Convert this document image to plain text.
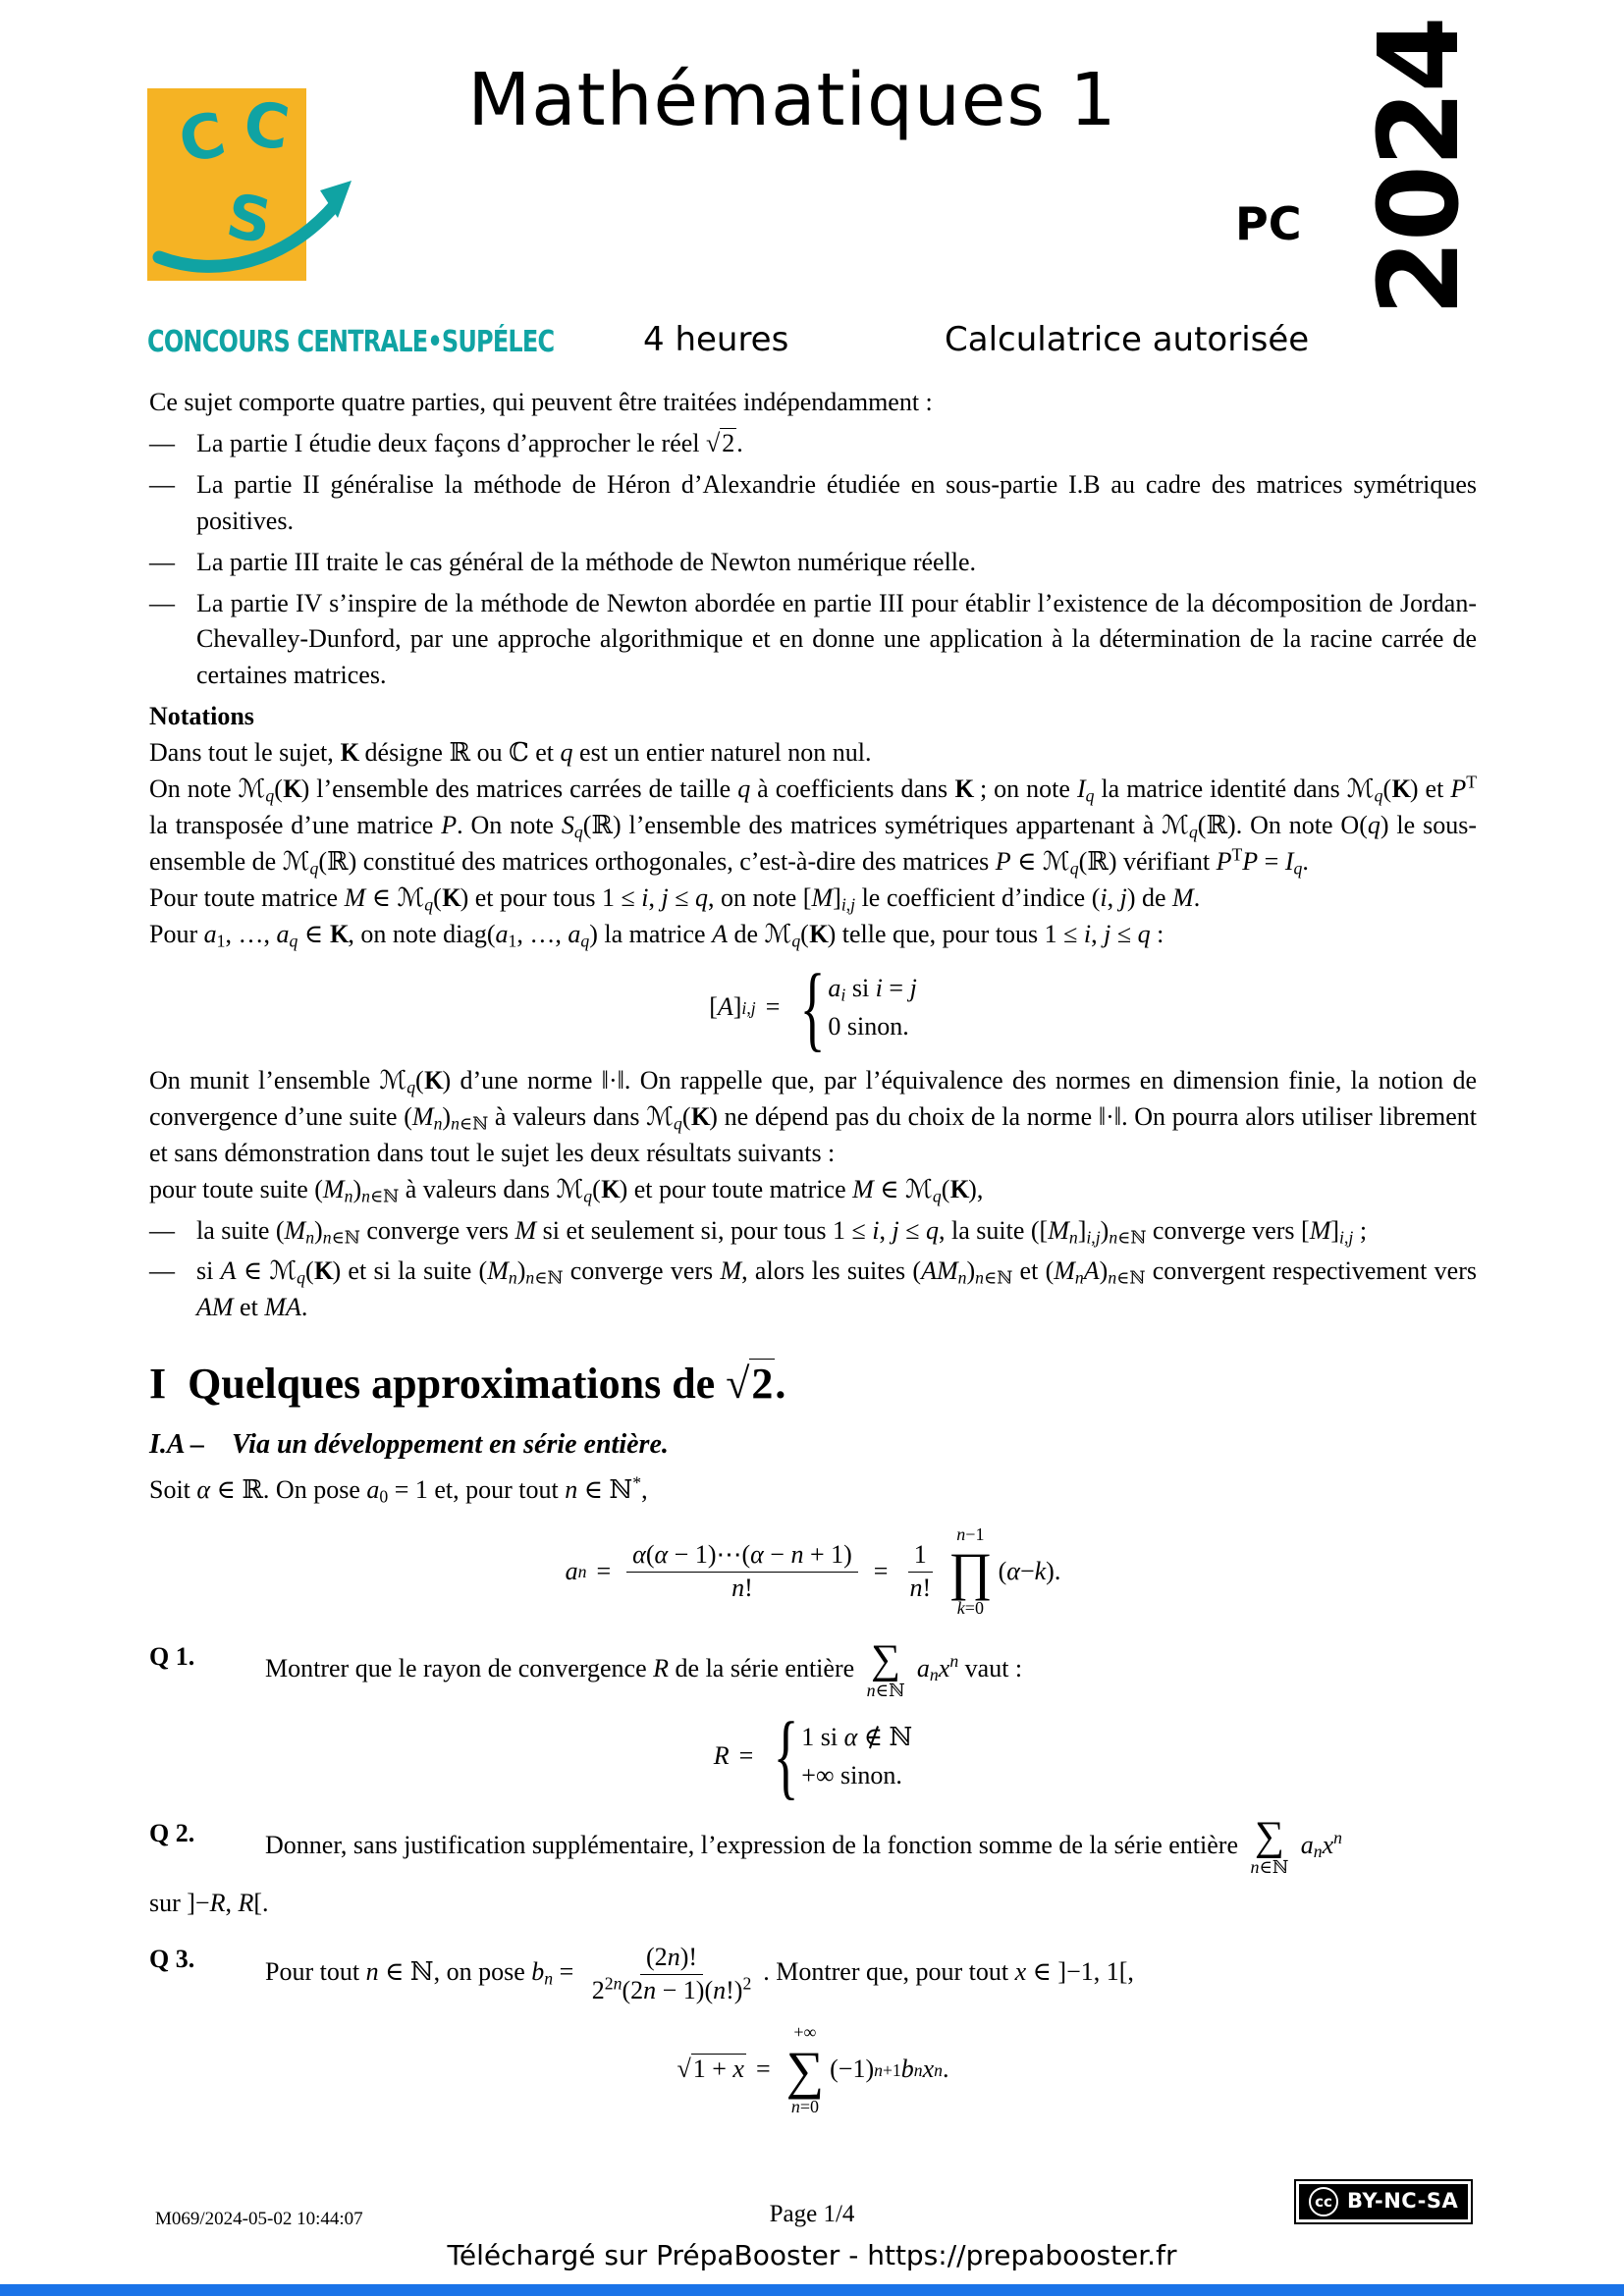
C C
S
CONCOURS CENTRALE•SUPÉLEC
Mathématiques 1
PC 2024
4 heures	Calculatrice autorisée

Ce sujet comporte quatre parties, qui peuvent être traitées indépendamment :

— La partie I étudie deux façons d’approcher le réel √2.
— La partie II généralise la méthode de Héron d’Alexandrie étudiée en sous-partie I.B au cadre des matrices symétriques positives.
— La partie III traite le cas général de la méthode de Newton numérique réelle.
— La partie IV s’inspire de la méthode de Newton abordée en partie III pour établir l’existence de la décomposition de Jordan-Chevalley-Dunford, par une approche algorithmique et en donne une application à la détermination de la racine carrée de certaines matrices.

Notations

Dans tout le sujet, K K désigne ℝ ou ℂ et q est un entier naturel non nul.

On note ℳ$_q$(K K) l’ensemble des matrices carrées de taille q à coefficients dans K K ; on note $I_q$ la matrice identité dans ℳ$_q$(K K) et $P^T$ la transposée d’une matrice P. On note $S_q(ℝ)$ l’ensemble des matrices symétriques appartenant à ℳ$_q$(ℝ). On note O(q) le sous-ensemble de ℳ$_q$(ℝ) constitué des matrices orthogonales, c’est-à-dire des matrices P ∈ ℳ$_q$(ℝ) vérifiant $P^TP = I_q$.

Pour toute matrice M ∈ ℳ$_q$(K K) et pour tous 1 ≤ i, j ≤ q, on note $[M]_{i,j}$ le coefficient d’indice (i, j) de M.

Pour $a_1$, …, $a_q$ ∈ K K, on note $diag(a_1$, …, $a_q$) la matrice A de ℳ$_q$(K K) telle que, pour tous 1 ≤ i, j ≤ q :

[ A ] i,j = { $a_i$ si i = j
0 sinon.

On munit l’ensemble ℳ$_q$(K K) d’une norme ‖·‖. On rappelle que, par l’équivalence des normes en dimension finie, la notion de convergence d’une suite $(M_n)_{n\in ℕ}$ à valeurs dans ℳ$_q$(K K) ne dépend pas du choix de la norme ‖·‖. On pourra alors utiliser librement et sans démonstration dans tout le sujet les deux résultats suivants :

pour toute suite $(M_n)_{n\in ℕ}$ à valeurs dans ℳ$_q$(K K) et pour toute matrice M ∈ ℳ$_q$(K K),

— la suite $(M_n)_{n\in ℕ}$ converge vers M si et seulement si, pour tous 1 ≤ i, j ≤ q, la suite $([M_n]_{i,j})_{n\in ℕ}$ converge vers $[M]_{i,j}$ ;
— si A ∈ ℳ$_q$(K K) et si la suite $(M_n)_{n\in ℕ}$ converge vers M, alors les suites $(AM_n)_{n\in ℕ}$ et $(M_nA)_{n\in ℕ}$ convergent respectivement vers AM et MA.
I Quelques approximations de √2.
I.A – Via un développement en série entière.

Soit α ∈ ℝ. On pose $a_0 = 1$ et, pour tout n ∈ ℕ*,

a $n = \frac{\alpha(\alpha - 1)\cdots(\alpha - n + 1)}{n!} = \frac{1}{n!}$
n−1
∏
k=0
( α − k ).
Q 1.	Montrer que le rayon de convergence R de la série entière ∑
n∈ℕ
$a_nx^n$ vaut :
R = { 1 si α ∉ ℕ
+∞ sinon.
Q 2.	Donner, sans justification supplémentaire, l’expression de la fonction somme de la série entière ∑
n∈ℕ
$a_nx^n$

sur ]−R, R[.

Q 3.	Pour tout n ∈ ℕ, on pose $b_n = \frac{(2n)!}{2^{2n}(2n - 1)(n!)^2}$ . Montrer que, pour tout x ∈ ]−1, 1[,
√1 + x =
+∞
∑
n=0
(−1) n+1 b n x n .
M069/2024-05-02 10:44:07	Page 1/4	cc BY-NC-SA
Téléchargé sur PrépaBooster - https://prepabooster.fr
